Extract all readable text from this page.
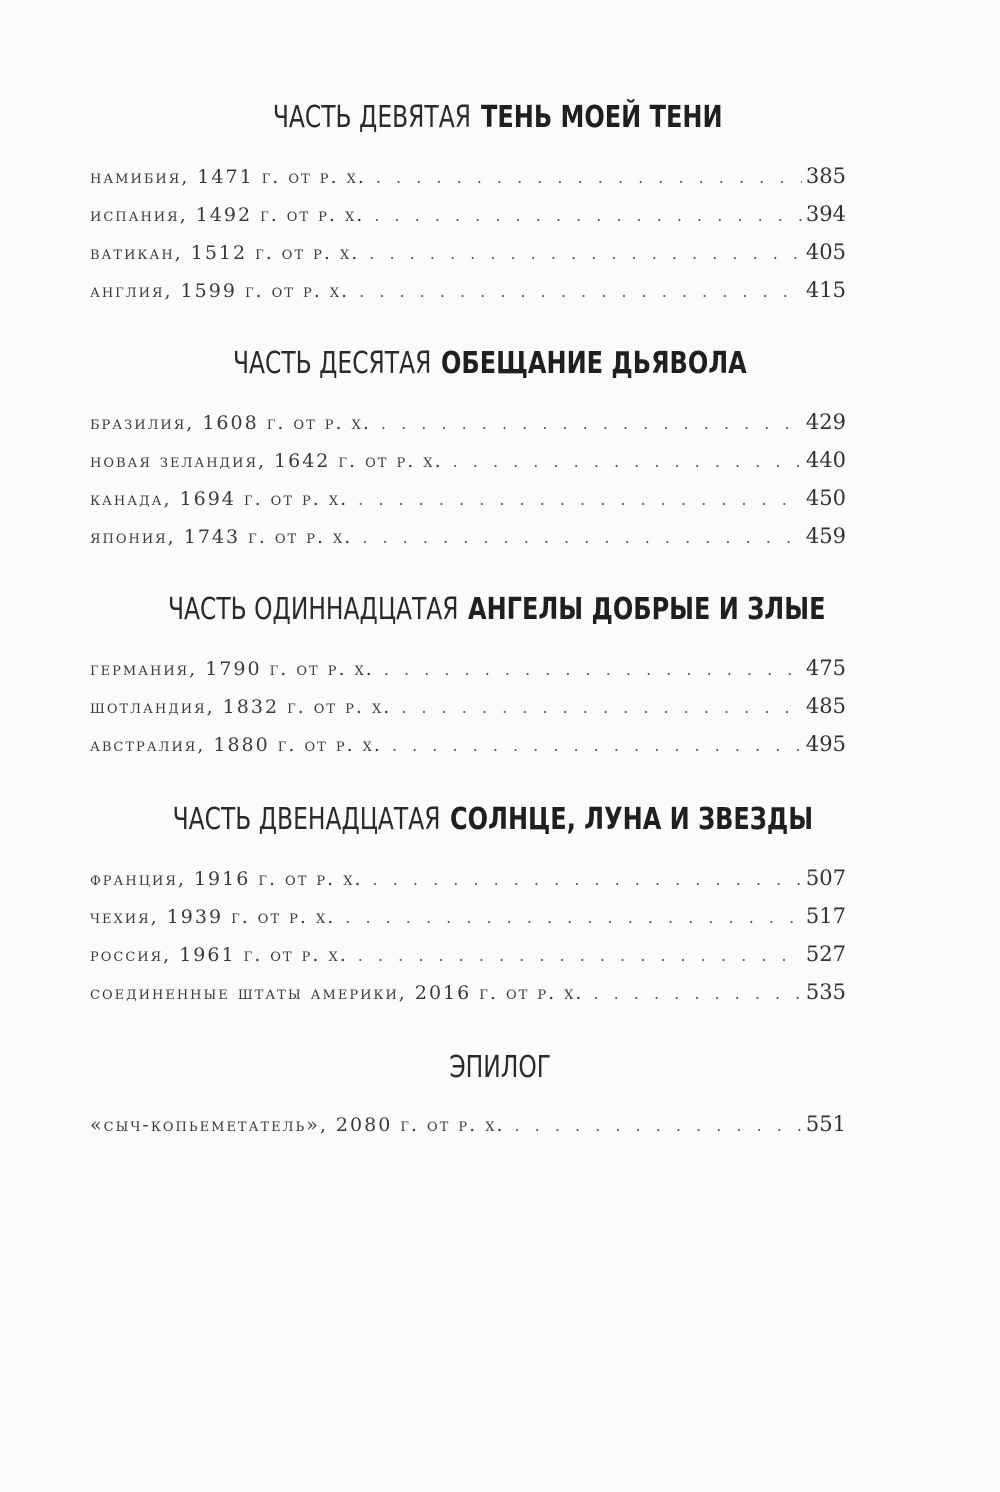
ЧАСТЬ ДЕВЯТАЯ ТЕНЬ МОЕЙ ТЕНИ
намибия, 1471 г. от р. х. . . .	385
испания, 1492 г. от р. х. . . .	394
ватикан, 1512 г. от р. х. . . .	405
англия, 1599 г. от р. х. . . .	415
ЧАСТЬ ДЕСЯТАЯ ОБЕЩАНИЕ ДЬЯВОЛА
бразилия, 1608 г. от р. х. . . .	429
новая зеландия, 1642 г. от р. х. . . .	440
канада, 1694 г. от р. х. . . .	450
япония, 1743 г. от р. х. . . .	459
ЧАСТЬ ОДИННАДЦАТАЯ АНГЕЛЫ ДОБРЫЕ И ЗЛЫЕ
германия, 1790 г. от р. х. . . .	475
шотландия, 1832 г. от р. х. . . .	485
австралия, 1880 г. от р. х. . . .	495
ЧАСТЬ ДВЕНАДЦАТАЯ СОЛНЦЕ, ЛУНА И ЗВЕЗДЫ
франция, 1916 г. от р. х. . . .	507
чехия, 1939 г. от р. х. . . .	517
россия, 1961 г. от р. х. . . .	527
соединенные штаты америки, 2016 г. от р. х. . . .	535
ЭПИЛОГ
«сыч-копьеметатель», 2080 г. от р. х. . . .	551
